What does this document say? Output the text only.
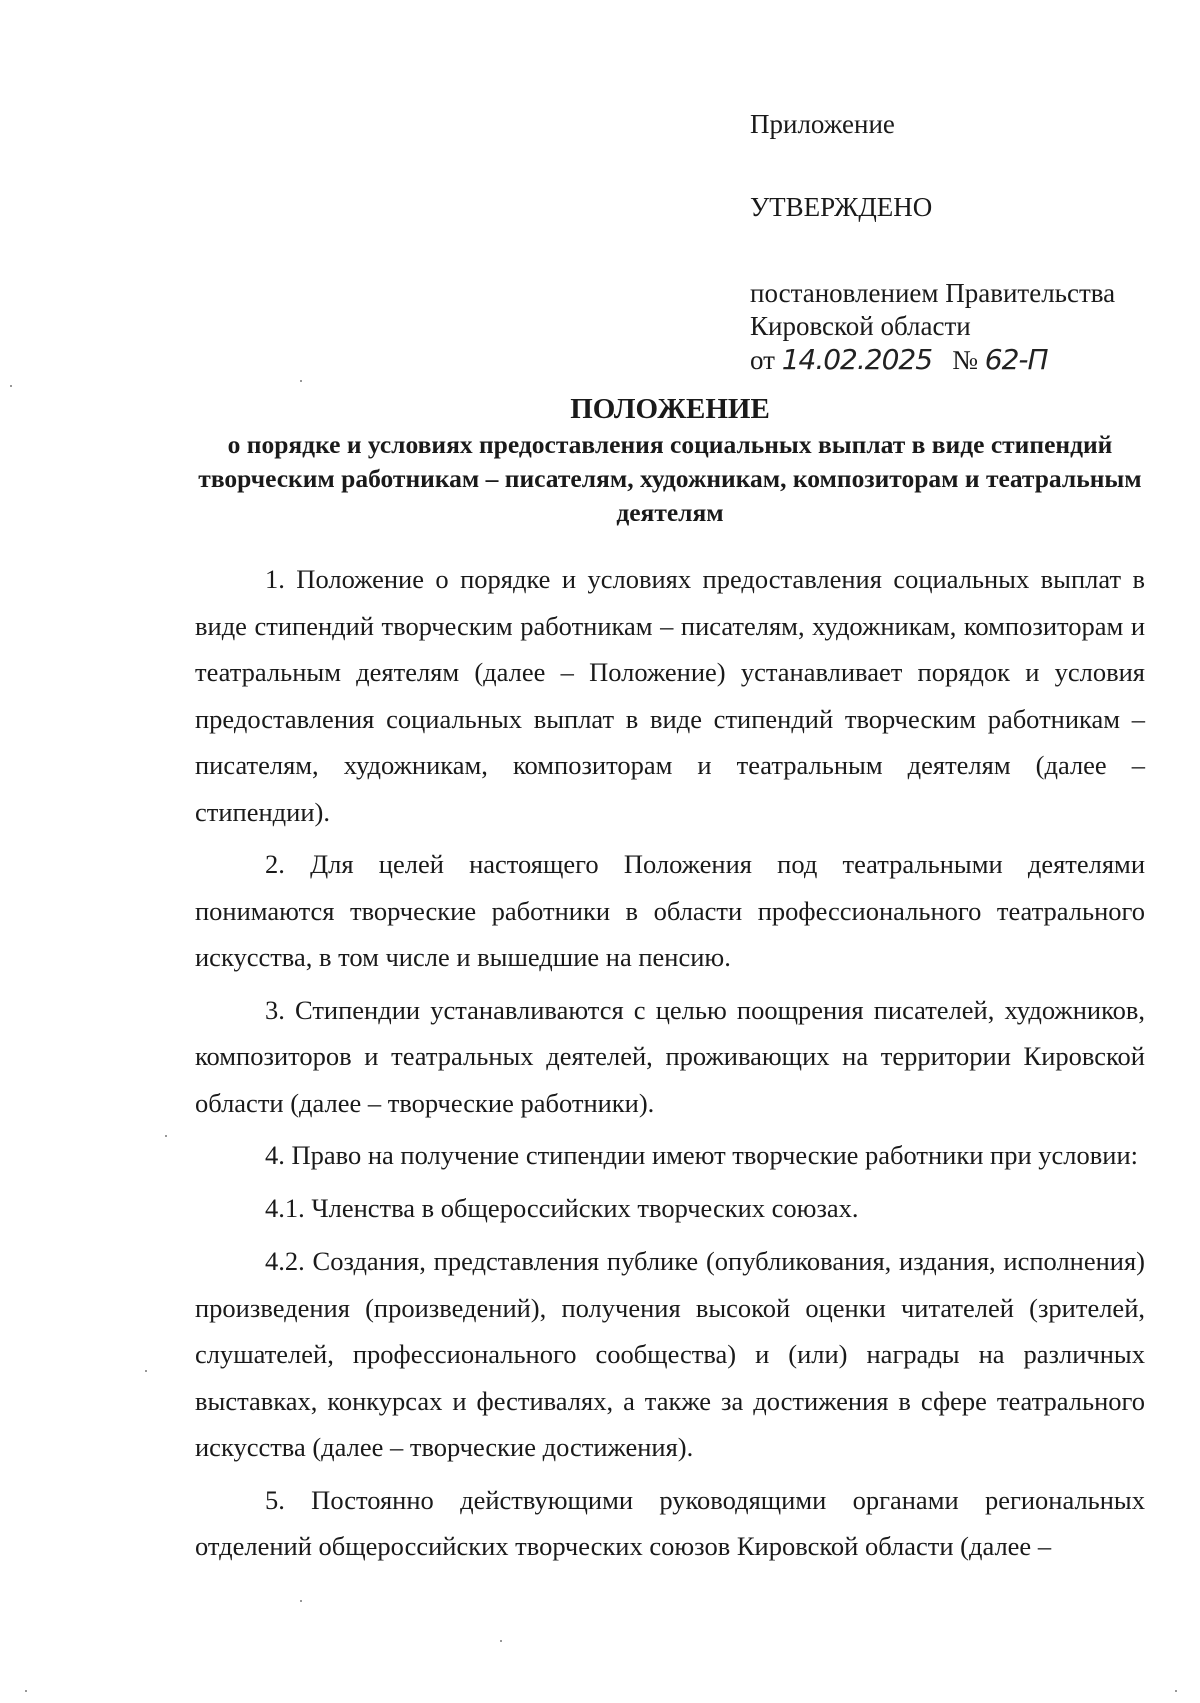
Приложение
УТВЕРЖДЕНО
постановлением Правительства
Кировской области
от 14.02.2025 № 62-П
ПОЛОЖЕНИЕ
о порядке и условиях предоставления социальных выплат в виде стипендий творческим работникам – писателям, художникам, композиторам и театральным деятелям

1. Положение о порядке и условиях предоставления социальных выплат в виде стипендий творческим работникам – писателям, художникам, композиторам и театральным деятелям (далее – Положение) устанавливает порядок и условия предоставления социальных выплат в виде стипендий творческим работникам – писателям, художникам, композиторам и театральным деятелям (далее – стипендии).

2. Для целей настоящего Положения под театральными деятелями понимаются творческие работники в области профессионального театрального искусства, в том числе и вышедшие на пенсию.

3. Стипендии устанавливаются с целью поощрения писателей, художников, композиторов и театральных деятелей, проживающих на территории Кировской области (далее – творческие работники).

4. Право на получение стипендии имеют творческие работники при условии:

4.1. Членства в общероссийских творческих союзах.

4.2. Создания, представления публике (опубликования, издания, исполнения) произведения (произведений), получения высокой оценки читателей (зрителей, слушателей, профессионального сообщества) и (или) награды на различных выставках, конкурсах и фестивалях, а также за достижения в сфере театрального искусства (далее – творческие достижения).

5. Постоянно действующими руководящими органами региональных отделений общероссийских творческих союзов Кировской области (далее –
